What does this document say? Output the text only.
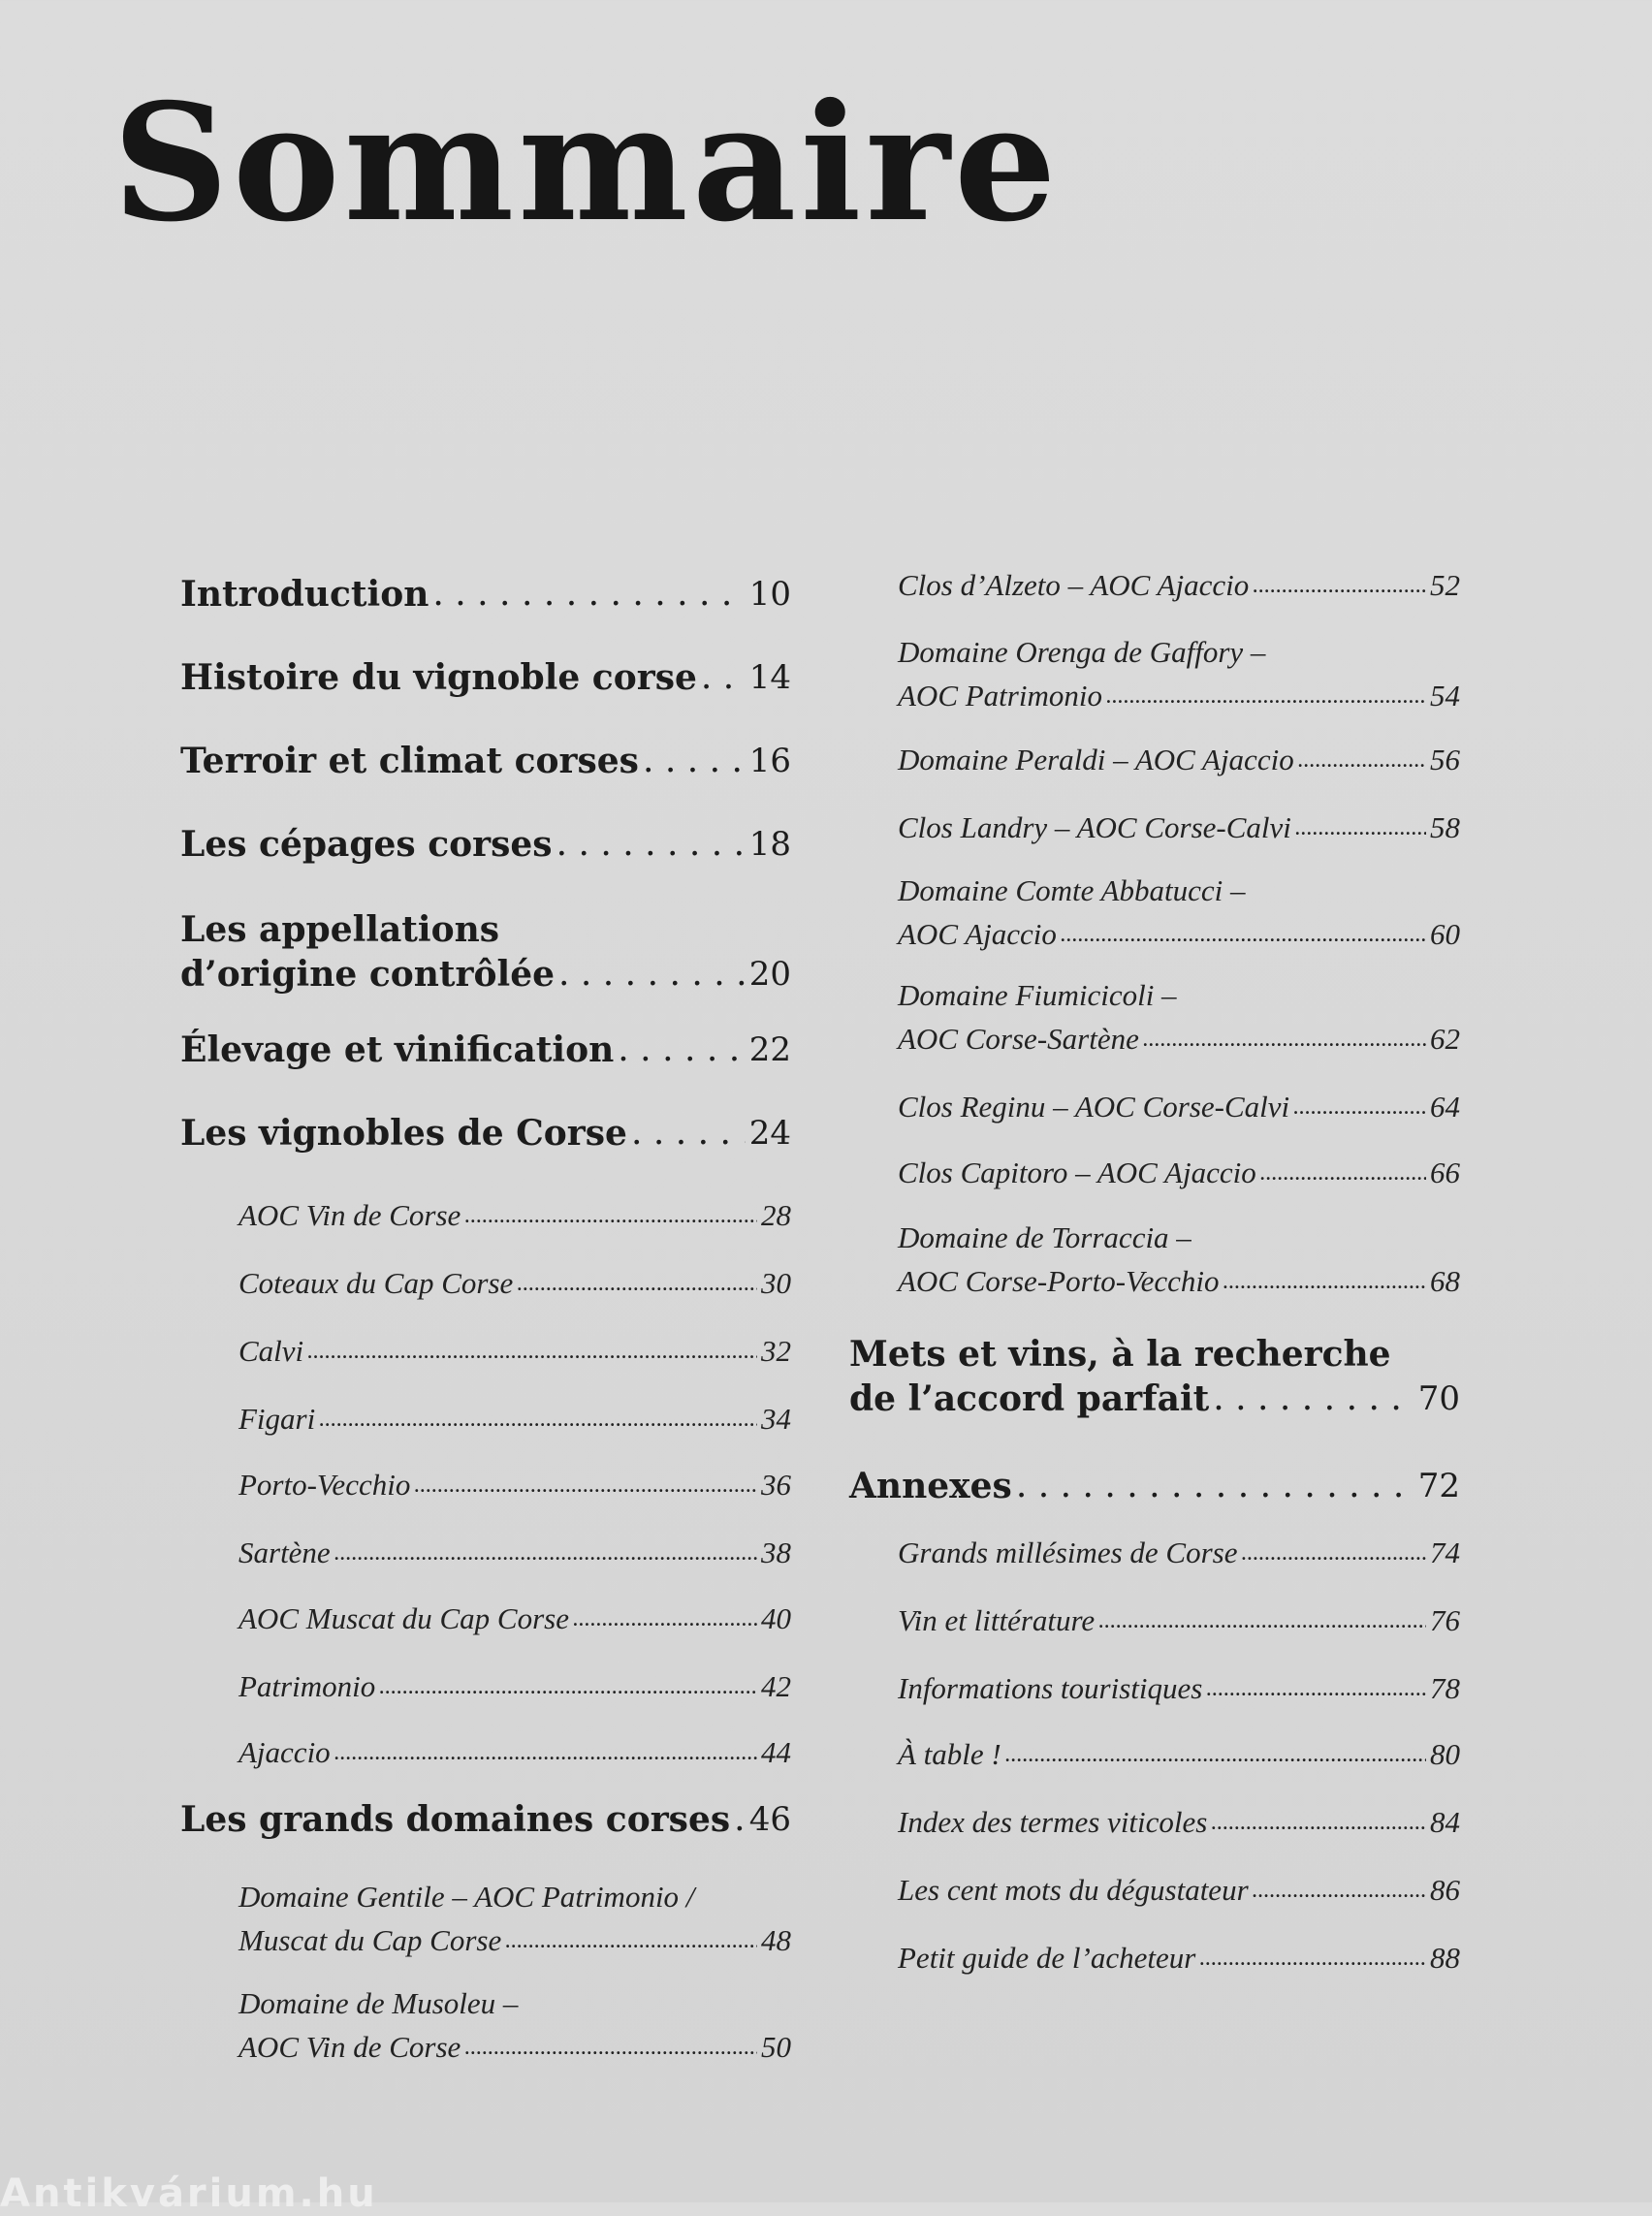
Sommaire
Introduction . . .	10
Histoire du vignoble corse . . . 14
Terroir et climat corses . . .	16
Les cépages corses . . .	18
Les appellations
d’origine contrôlée . . .	20
Élevage et vinification . . .	22
Les vignobles de Corse . . .	24
AOC Vin de Corse .....	28
Coteaux du Cap Corse .....	30
Calvi .....	32
Figari .....	34
Porto-Vecchio .....	36
Sartène .....	38
AOC Muscat du Cap Corse .....	40
Patrimonio .....	42
Ajaccio .....	44
Les grands domaines corses . . . 46
Domaine Gentile – AOC Patrimonio /
Muscat du Cap Corse .....	48
Domaine de Musoleu –
AOC Vin de Corse .....	50
Clos d’Alzeto – AOC Ajaccio .....	52
Domaine Orenga de Gaffory –
AOC Patrimonio .....	54
Domaine Peraldi – AOC Ajaccio .....	56
Clos Landry – AOC Corse-Calvi .....	58
Domaine Comte Abbatucci –
AOC Ajaccio .....	60
Domaine Fiumicicoli –
AOC Corse-Sartène .....	62
Clos Reginu – AOC Corse-Calvi .....	64
Clos Capitoro – AOC Ajaccio .....	66
Domaine de Torraccia –
AOC Corse-Porto-Vecchio .....	68
Mets et vins, à la recherche
de l’accord parfait . . .	70
Annexes . . .	72
Grands millésimes de Corse .....	74
Vin et littérature .....	76
Informations touristiques .....	78
À table ! .....	80
Index des termes viticoles .....	84
Les cent mots du dégustateur .....	86
Petit guide de l’acheteur .....	88
Antikvárium.hu
